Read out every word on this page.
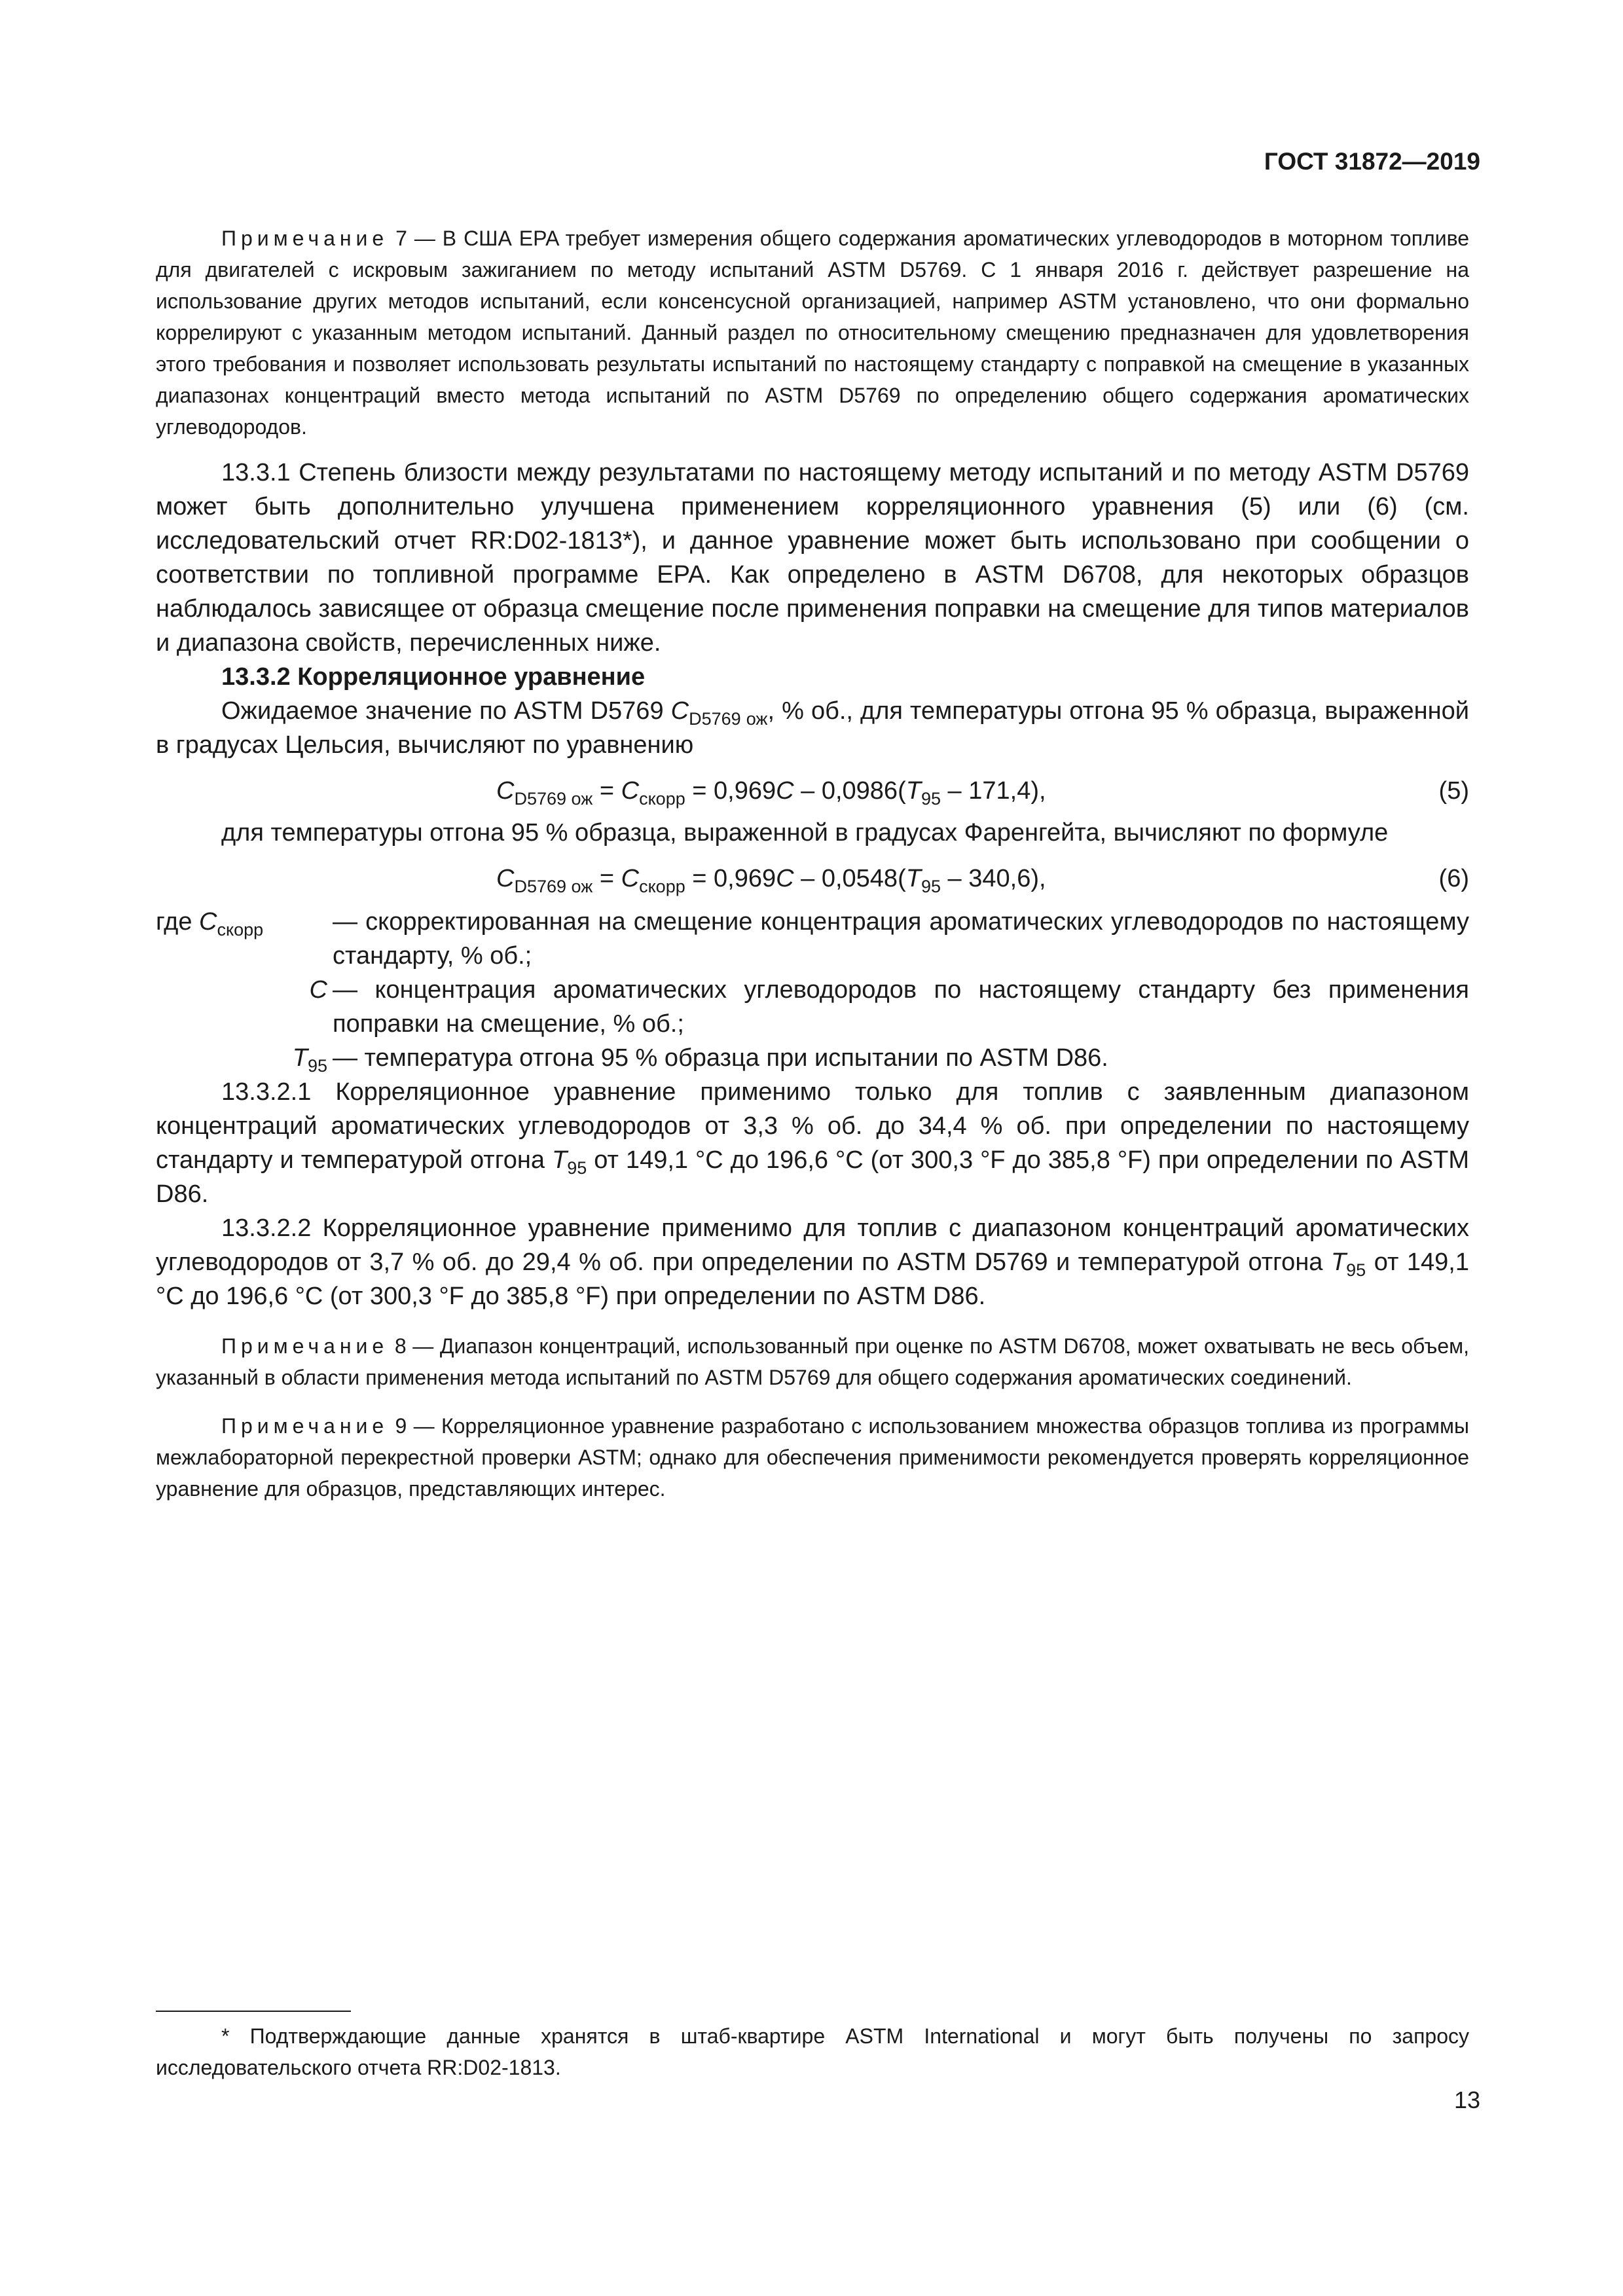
ГОСТ 31872—2019

Примечание 7 — В США EPA требует измерения общего содержания ароматических углеводородов в моторном топливе для двигателей с искровым зажиганием по методу испытаний ASTM D5769. С 1 января 2016 г. действует разрешение на использование других методов испытаний, если консенсусной организацией, например ASTM установлено, что они формально коррелируют с указанным методом испытаний. Данный раздел по относительному смещению предназначен для удовлетворения этого требования и позволяет использовать результаты испытаний по настоящему стандарту с поправкой на смещение в указанных диапазонах концентраций вместо метода испытаний по ASTM D5769 по определению общего содержания ароматических углеводородов.

13.3.1 Степень близости между результатами по настоящему методу испытаний и по методу ASTM D5769 может быть дополнительно улучшена применением корреляционного уравнения (5) или (6) (см. исследовательский отчет RR:D02-1813*), и данное уравнение может быть использовано при сообщении о соответствии по топливной программе EPA. Как определено в ASTM D6708, для некоторых образцов наблюдалось зависящее от образца смещение после применения поправки на смещение для типов материалов и диапазона свойств, перечисленных ниже.

13.3.2 Корреляционное уравнение

Ожидаемое значение по ASTM D5769 $C_{D5769 ож}$, % об., для температуры отгона 95 % образца, выраженной в градусах Цельсия, вычисляют по уравнению

$C_{D5769 ож} = C_{скорр} = 0,969C - 0,0986(T_{95} - 171,4)$,	(5)

для температуры отгона 95 % образца, выраженной в градусах Фаренгейта, вычисляют по формуле

$C_{D5769 ож} = C_{скорр} = 0,969C - 0,0548(T_{95} - 340,6)$,	(6)
где $C_{скорр}$	— скорректированная на смещение концентрация ароматических углеводородов по настоящему стандарту, % об.;
C — концентрация ароматических углеводородов по настоящему стандарту без применения поправки на смещение, % об.;
$T_{95}$ — температура отгона 95 % образца при испытании по ASTM D86.

13.3.2.1 Корреляционное уравнение применимо только для топлив с заявленным диапазоном концентраций ароматических углеводородов от 3,3 % об. до 34,4 % об. при определении по настоящему стандарту и температурой отгона $T_{95}$ от 149,1 °C до 196,6 °C (от 300,3 °F до 385,8 °F) при определении по ASTM D86.

13.3.2.2 Корреляционное уравнение применимо для топлив с диапазоном концентраций ароматических углеводородов от 3,7 % об. до 29,4 % об. при определении по ASTM D5769 и температурой отгона $T_{95}$ от 149,1 °C до 196,6 °C (от 300,3 °F до 385,8 °F) при определении по ASTM D86.

Примечание 8 — Диапазон концентраций, использованный при оценке по ASTM D6708, может охватывать не весь объем, указанный в области применения метода испытаний по ASTM D5769 для общего содержания ароматических соединений.

Примечание 9 — Корреляционное уравнение разработано с использованием множества образцов топлива из программы межлабораторной перекрестной проверки ASTM; однако для обеспечения применимости рекомендуется проверять корреляционное уравнение для образцов, представляющих интерес.

* Подтверждающие данные хранятся в штаб-квартире ASTM International и могут быть получены по запросу исследовательского отчета RR:D02-1813.

13
